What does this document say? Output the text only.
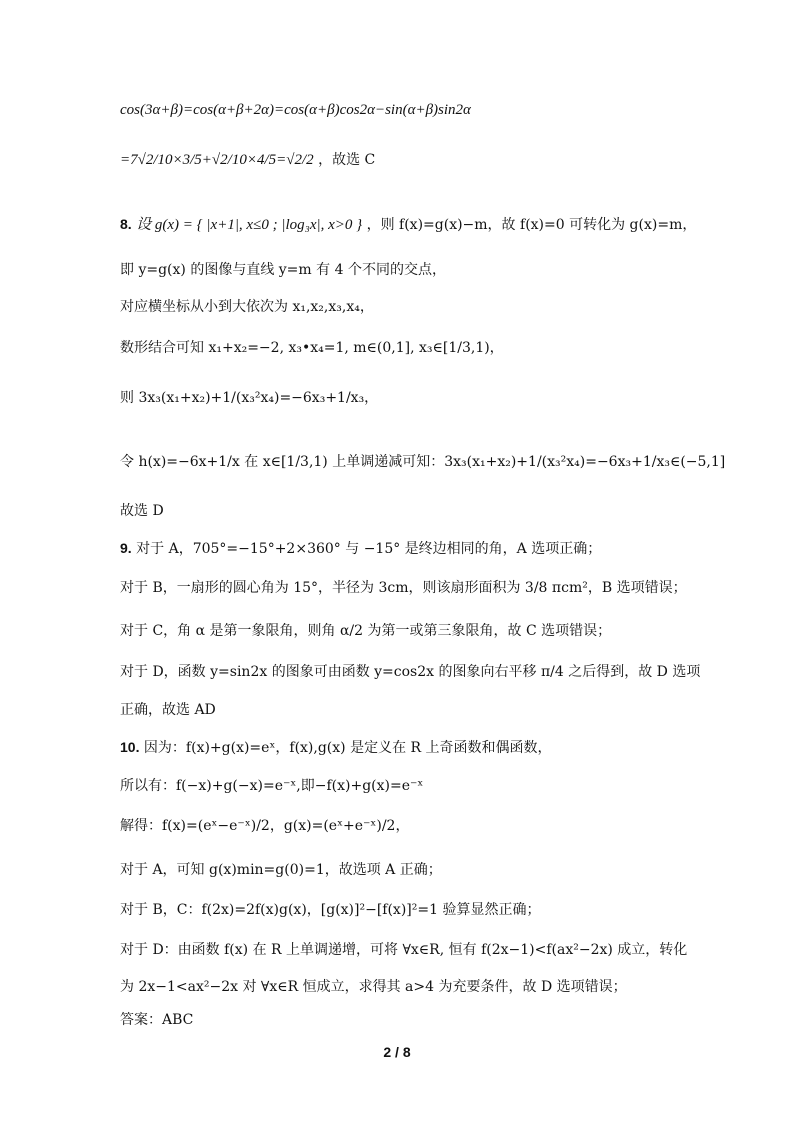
cos(3α+β)=cos(α+β+2α)=cos(α+β)cos2α−sin(α+β)sin2α
=7√2/10×3/5+√2/10×4/5=√2/2 ，故选 C
8. 设 g(x) = { |x+1|, x≤0 ; |log₃x|, x>0 } ，则 f(x)=g(x)−m，故 f(x)=0 可转化为 g(x)=m，
即 y=g(x) 的图像与直线 y=m 有 4 个不同的交点，
对应横坐标从小到大依次为 x₁,x₂,x₃,x₄，
数形结合可知 x₁+x₂=−2, x₃•x₄=1, m∈(0,1], x₃∈[1/3,1)，
则 3x₃(x₁+x₂)+1/(x₃²x₄)=−6x₃+1/x₃，
令 h(x)=−6x+1/x 在 x∈[1/3,1) 上单调递减可知：3x₃(x₁+x₂)+1/(x₃²x₄)=−6x₃+1/x₃∈(−5,1]
故选 D
9. 对于 A，705°=−15°+2×360° 与 −15° 是终边相同的角，A 选项正确；
对于 B，一扇形的圆心角为 15°，半径为 3cm，则该扇形面积为 3/8 πcm²，B 选项错误；
对于 C，角 α 是第一象限角，则角 α/2 为第一或第三象限角，故 C 选项错误；
对于 D，函数 y=sin2x 的图象可由函数 y=cos2x 的图象向右平移 π/4 之后得到，故 D 选项
正确，故选 AD
10. 因为：f(x)+g(x)=eˣ，f(x),g(x) 是定义在 R 上奇函数和偶函数，
所以有：f(−x)+g(−x)=e⁻ˣ,即−f(x)+g(x)=e⁻ˣ
解得：f(x)=(eˣ−e⁻ˣ)/2，g(x)=(eˣ+e⁻ˣ)/2，
对于 A，可知 g(x)min=g(0)=1，故选项 A 正确；
对于 B，C：f(2x)=2f(x)g(x)，[g(x)]²−[f(x)]²=1 验算显然正确；
对于 D：由函数 f(x) 在 R 上单调递增，可将 ∀x∈R, 恒有 f(2x−1)<f(ax²−2x) 成立，转化
为 2x−1<ax²−2x 对 ∀x∈R 恒成立，求得其 a>4 为充要条件，故 D 选项错误；
答案：ABC
2 / 8
